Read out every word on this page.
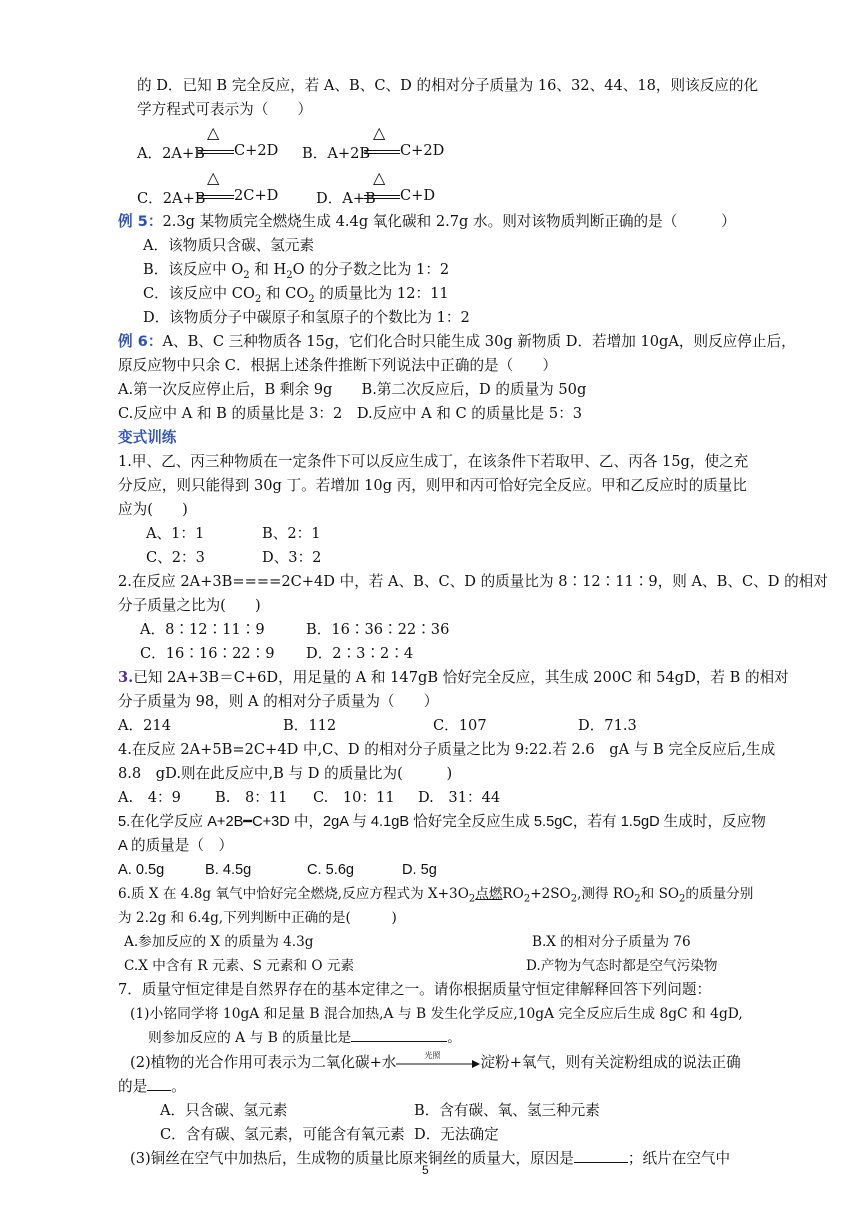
的 D．已知 B 完全反应，若 A、B、C、D 的相对分子质量为 16、32、44、18，则该反应的化
学方程式可表示为（　　）
△
A．2A+B C+2D
△
B．A+2B C+2D
△
C．2A+B 2C+D
△
D．A+B C+D
例 5：2.3g 某物质完全燃烧生成 4.4g 氧化碳和 2.7g 水。则对该物质判断正确的是（　　　）
A．该物质只含碳、氢元素
B．该反应中 $O_2$ 和 $H_2O$ 的分子数之比为 1：2
C．该反应中 $CO_2$ 和 $CO_2$ 的质量比为 12：11
D．该物质分子中碳原子和氢原子的个数比为 1：2
例 6：A、B、C 三种物质各 15g，它们化合时只能生成 30g 新物质 D．若增加 10gA，则反应停止后，
原反应物中只余 C．根据上述条件推断下列说法中正确的是（　　）
A.第一次反应停止后，B 剩余 9g　　B.第二次反应后，D 的质量为 50g
C.反应中 A 和 B 的质量比是 3：2　D.反应中 A 和 C 的质量比是 5：3
变式训练
1.甲、乙、丙三种物质在一定条件下可以反应生成丁，在该条件下若取甲、乙、丙各 15g，使之充
分反应，则只能得到 30g 丁。若增加 10g 丙，则甲和丙可恰好完全反应。甲和乙反应时的质量比
应为(　　)
A、1：1	B、2：1
C、2：3	D、3：2
2.在反应 2A+3B====2C+4D 中，若 A、B、C、D 的质量比为 8∶12∶11∶9，则 A、B、C、D 的相对
分子质量之比为(　　)
A．8∶12∶11∶9	B．16∶36∶22∶36
C．16∶16∶22∶9 D．2∶3∶2∶4
3.已知 2A+3B＝C+6D，用足量的 A 和 147gB 恰好完全反应，其生成 200C 和 54gD，若 B 的相对
分子质量为 98，则 A 的相对分子质量为（　　）
A．214	B．112	C．107	D．71.3
4.在反应 2A+5B=2C+4D 中,C、D 的相对分子质量之比为 9:22.若 2.6　gA 与 B 完全反应后,生成
8.8　gD.则在此反应中,B 与 D 的质量比为(　　　)
A.　4：9 B.　8：11 C.　10：11 D.　31：44
5.在化学反应 A+2B━C+3D 中，2gA 与 4.1gB 恰好完全反应生成 5.5gC，若有 1.5gD 生成时，反应物
A 的质量是（　）
A. 0.5g	B. 4.5g	C. 5.6g	D. 5g
6.质 X 在 4.8g 氧气中恰好完全燃烧,反应方程式为 $X+3O_2$点燃$RO_2+2SO_2$,测得 $RO_2$和 $SO_2$的质量分别
为 2.2g 和 6.4g,下列判断中正确的是(　　　)
A.参加反应的 X 的质量为 4.3g	B.X 的相对分子质量为 76
C.X 中含有 R 元素、S 元素和 O 元素	D.产物为气态时都是空气污染物
7．质量守恒定律是自然界存在的基本定律之一。请你根据质量守恒定律解释回答下列问题：
(1)小铭同学将 10gA 和足量 B 混合加热,A 与 B 发生化学反应,10gA 完全反应后生成 8gC 和 4gD,
则参加反应的 A 与 B 的质量比是	。
(2)植物的光合作用可表示为二氧化碳+水	光照	淀粉+氧气，则有关淀粉组成的说法正确
的是 。
A．只含碳、氢元素	B．含有碳、氧、氢三种元素
C．含有碳、氢元素，可能含有氧元素 D．无法确定
(3)铜丝在空气中加热后，生成物的质量比原来铜丝的质量大，原因是	；纸片在空气中
5
